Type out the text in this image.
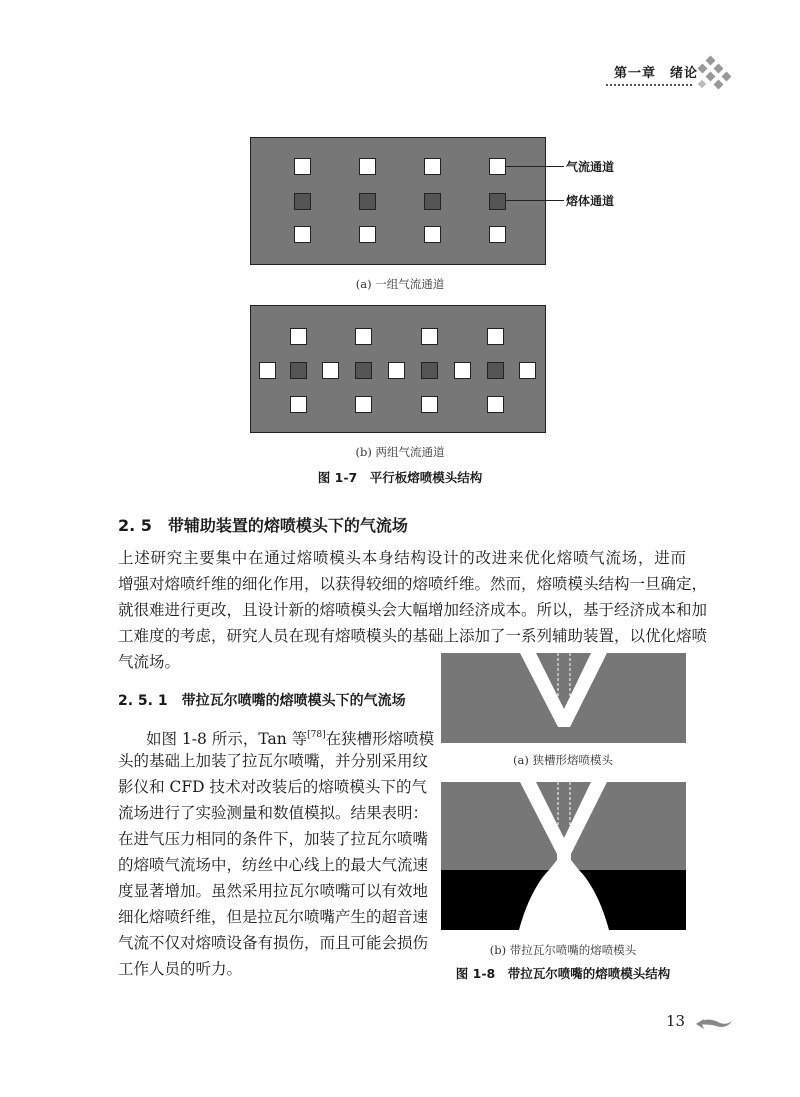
第一章　绪论
气流通道
熔体通道
(a) 一组气流通道
(b) 两组气流通道
图 1-7　平行板熔喷模头结构
2. 5　带辅助装置的熔喷模头下的气流场
上述研究主要集中在通过熔喷模头本身结构设计的改进来优化熔喷气流场，进而
增强对熔喷纤维的细化作用，以获得较细的熔喷纤维。然而，熔喷模头结构一旦确定，
就很难进行更改，且设计新的熔喷模头会大幅增加经济成本。所以，基于经济成本和加
工难度的考虑，研究人员在现有熔喷模头的基础上添加了一系列辅助装置，以优化熔喷
气流场。
2. 5. 1　带拉瓦尔喷嘴的熔喷模头下的气流场
如图 1-8 所示，Tan 等[78]在狭槽形熔喷模
头的基础上加装了拉瓦尔喷嘴，并分别采用纹
影仪和 CFD 技术对改装后的熔喷模头下的气
流场进行了实验测量和数值模拟。结果表明：
在进气压力相同的条件下，加装了拉瓦尔喷嘴
的熔喷气流场中，纺丝中心线上的最大气流速
度显著增加。虽然采用拉瓦尔喷嘴可以有效地
细化熔喷纤维，但是拉瓦尔喷嘴产生的超音速
气流不仅对熔喷设备有损伤，而且可能会损伤
工作人员的听力。
(a) 狭槽形熔喷模头
(b) 带拉瓦尔喷嘴的熔喷模头
图 1-8　带拉瓦尔喷嘴的熔喷模头结构
13
